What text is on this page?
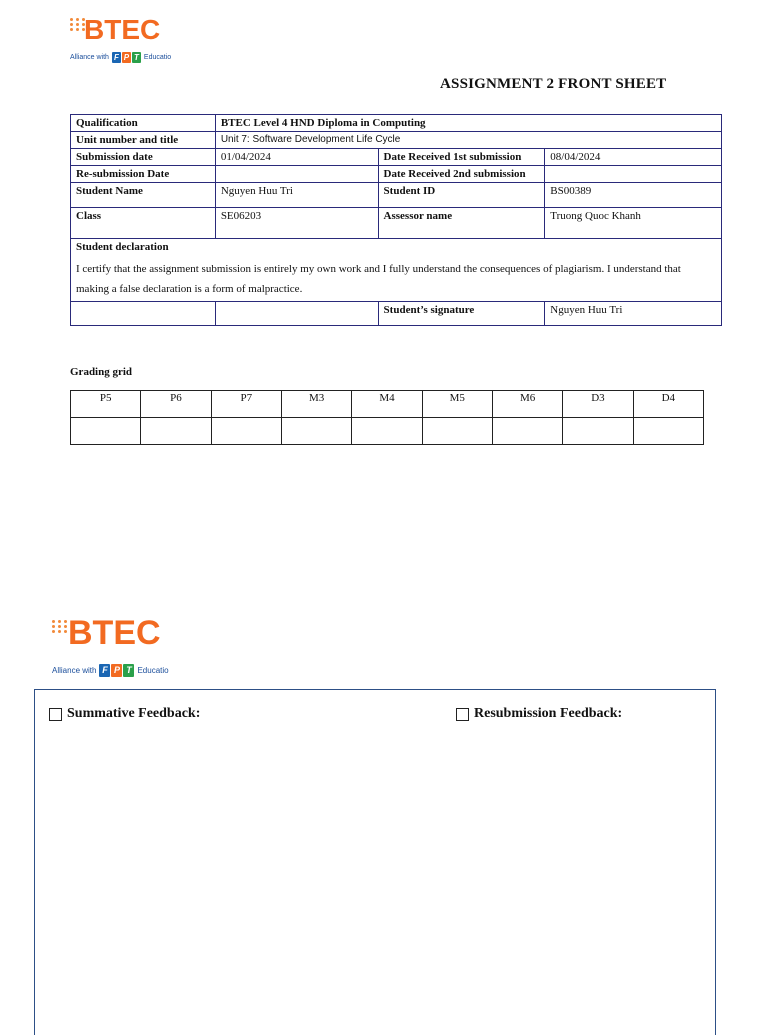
BTEC
Alliance with F P T Educatio
ASSIGNMENT 2 FRONT SHEET
Qualification	BTEC Level 4 HND Diploma in Computing		
Unit number and title	Unit 7: Software Development Life Cycle		
Submission date	01/04/2024	Date Received 1st submission	08/04/2024
Re-submission Date		Date Received 2nd submission	
Student Name	Nguyen Huu Tri	Student ID	BS00389
Class	SE06203	Assessor name	Truong Quoc Khanh

Student declaration
I certify that the assignment submission is entirely my own work and I fully understand the consequences of plagiarism. I understand that making a false declaration is a form of malpractice.			

		Student’s signature	Nguyen Huu Tri
Grading grid
P5	P6	P7	M3	M4	M5	M6	D3	D4

BTEC
Alliance with F P T Educatio
Summative Feedback:	Resubmission Feedback:
